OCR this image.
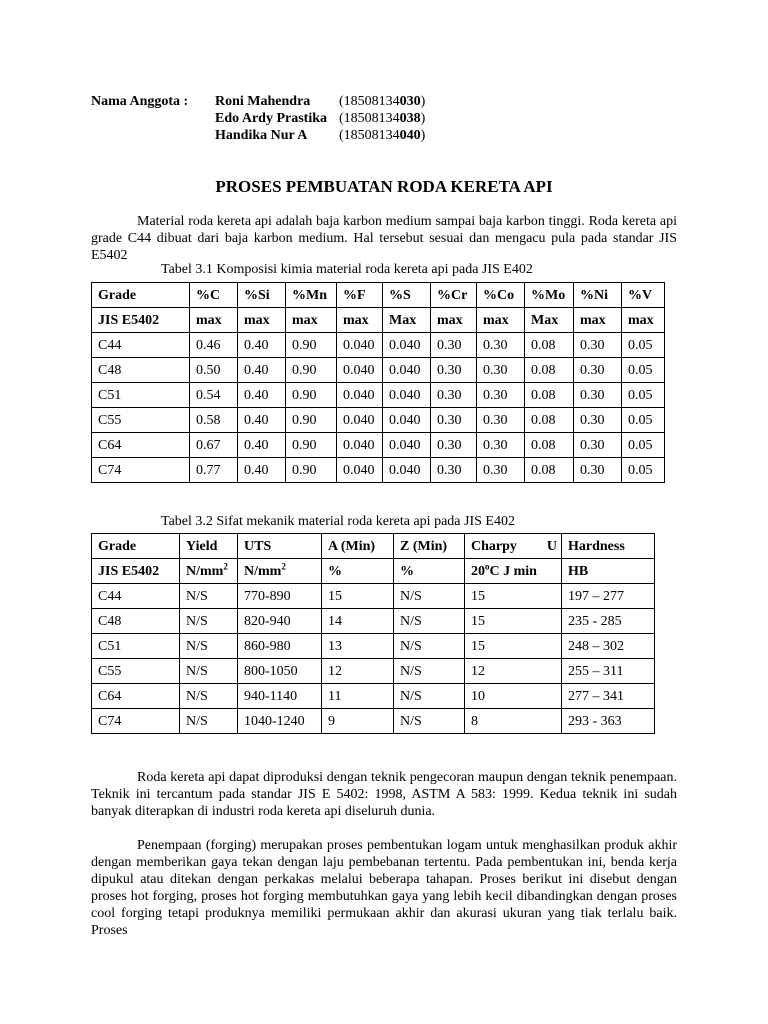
Nama Anggota : Roni Mahendra (18508134030)
Edo Ardy Prastika (18508134038)
Handika Nur A (18508134040)
PROSES PEMBUATAN RODA KERETA API

Material roda kereta api adalah baja karbon medium sampai baja karbon tinggi. Roda kereta api grade C44 dibuat dari baja karbon medium. Hal tersebut sesuai dan mengacu pula pada standar JIS E5402

Tabel 3.1 Komposisi kimia material roda kereta api pada JIS E402
Grade	%C	%Si	%Mn	%F	%S	%Cr	%Co	%Mo	%Ni	%V
JIS E5402	max	max	max	max	Max	max	max	Max	max	max
C44	0.46	0.40	0.90	0.040	0.040	0.30	0.30	0.08	0.30	0.05
C48	0.50	0.40	0.90	0.040	0.040	0.30	0.30	0.08	0.30	0.05
C51	0.54	0.40	0.90	0.040	0.040	0.30	0.30	0.08	0.30	0.05
C55	0.58	0.40	0.90	0.040	0.040	0.30	0.30	0.08	0.30	0.05
C64	0.67	0.40	0.90	0.040	0.040	0.30	0.30	0.08	0.30	0.05
C74	0.77	0.40	0.90	0.040	0.040	0.30	0.30	0.08	0.30	0.05
Tabel 3.2 Sifat mekanik material roda kereta api pada JIS E402
Grade	Yield	UTS	A (Min)	Z (Min)	Charpy U	Hardness
JIS E5402	$N/mm^2$	$N/mm^2$	%	%	20$^o$C J min	HB
C44	N/S	770-890	15	N/S	15	197 – 277
C48	N/S	820-940	14	N/S	15	235 - 285
C51	N/S	860-980	13	N/S	15	248 – 302
C55	N/S	800-1050	12	N/S	12	255 – 311
C64	N/S	940-1140	11	N/S	10	277 – 341
C74	N/S	1040-1240	9	N/S	8	293 - 363

Roda kereta api dapat diproduksi dengan teknik pengecoran maupun dengan teknik penempaan. Teknik ini tercantum pada standar JIS E 5402: 1998, ASTM A 583: 1999. Kedua teknik ini sudah banyak diterapkan di industri roda kereta api diseluruh dunia.

Penempaan (forging) merupakan proses pembentukan logam untuk menghasilkan produk akhir dengan memberikan gaya tekan dengan laju pembebanan tertentu. Pada pembentukan ini, benda kerja dipukul atau ditekan dengan perkakas melalui beberapa tahapan. Proses berikut ini disebut dengan proses hot forging, proses hot forging membutuhkan gaya yang lebih kecil dibandingkan dengan proses cool forging tetapi produknya memiliki permukaan akhir dan akurasi ukuran yang tiak terlalu baik. Proses
